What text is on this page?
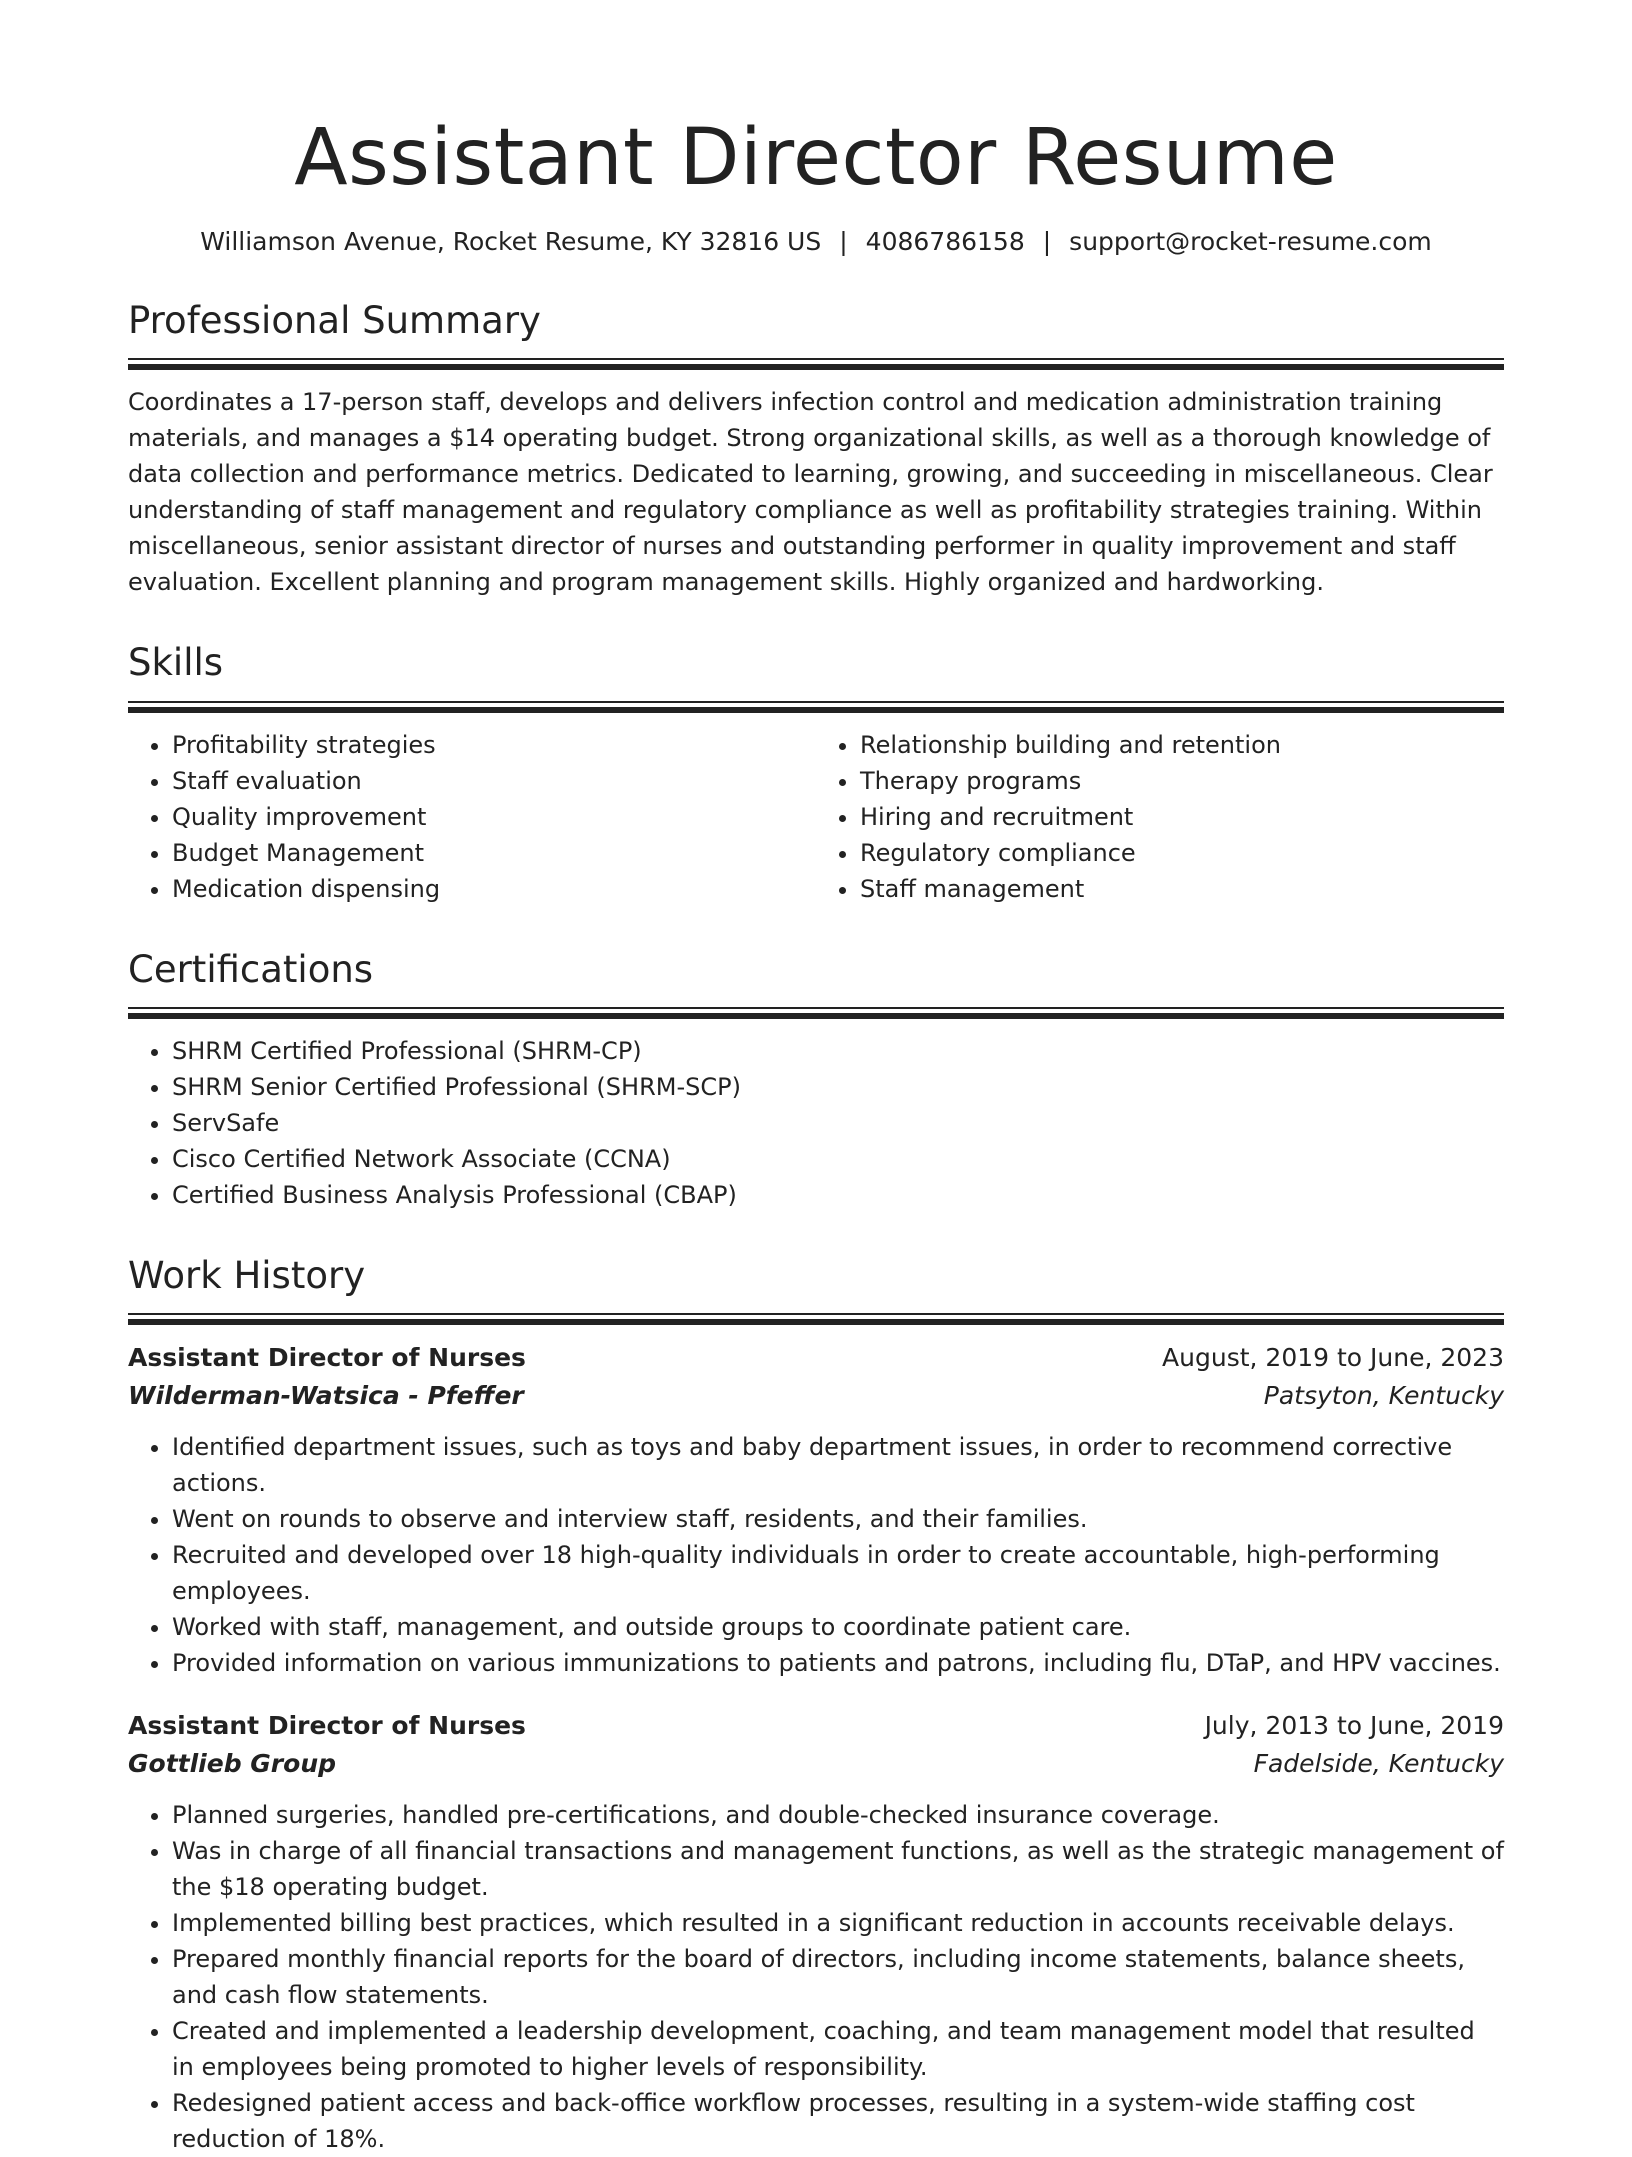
Assistant Director Resume
Williamson Avenue, Rocket Resume, KY 32816 US | 4086786158 | support@rocket-resume.com
Professional Summary

Coordinates a 17-person staff, develops and delivers infection control and medication administration training materials, and manages a $14 operating budget. Strong organizational skills, as well as a thorough knowledge of data collection and performance metrics. Dedicated to learning, growing, and succeeding in miscellaneous. Clear understanding of staff management and regulatory compliance as well as profitability strategies training. Within miscellaneous, senior assistant director of nurses and outstanding performer in quality improvement and staff evaluation. Excellent planning and program management skills. Highly organized and hardworking.

Skills
• Profitability strategies
• Staff evaluation
• Quality improvement
• Budget Management
• Medication dispensing
• Relationship building and retention
• Therapy programs
• Hiring and recruitment
• Regulatory compliance
• Staff management
Certifications
• SHRM Certified Professional (SHRM-CP)
• SHRM Senior Certified Professional (SHRM-SCP)
• ServSafe
• Cisco Certified Network Associate (CCNA)
• Certified Business Analysis Professional (CBAP)
Work History
Assistant Director of Nurses	August, 2019 to June, 2023
Wilderman-Watsica - Pfeffer	Patsyton, Kentucky
• Identified department issues, such as toys and baby department issues, in order to recommend corrective actions.
• Went on rounds to observe and interview staff, residents, and their families.
• Recruited and developed over 18 high-quality individuals in order to create accountable, high-performing employees.
• Worked with staff, management, and outside groups to coordinate patient care.
• Provided information on various immunizations to patients and patrons, including flu, DTaP, and HPV vaccines.
Assistant Director of Nurses	July, 2013 to June, 2019
Gottlieb Group	Fadelside, Kentucky
• Planned surgeries, handled pre-certifications, and double-checked insurance coverage.
• Was in charge of all financial transactions and management functions, as well as the strategic management of the $18 operating budget.
• Implemented billing best practices, which resulted in a significant reduction in accounts receivable delays.
• Prepared monthly financial reports for the board of directors, including income statements, balance sheets, and cash flow statements.
• Created and implemented a leadership development, coaching, and team management model that resulted in employees being promoted to higher levels of responsibility.
• Redesigned patient access and back-office workflow processes, resulting in a system-wide staffing cost reduction of 18%.
